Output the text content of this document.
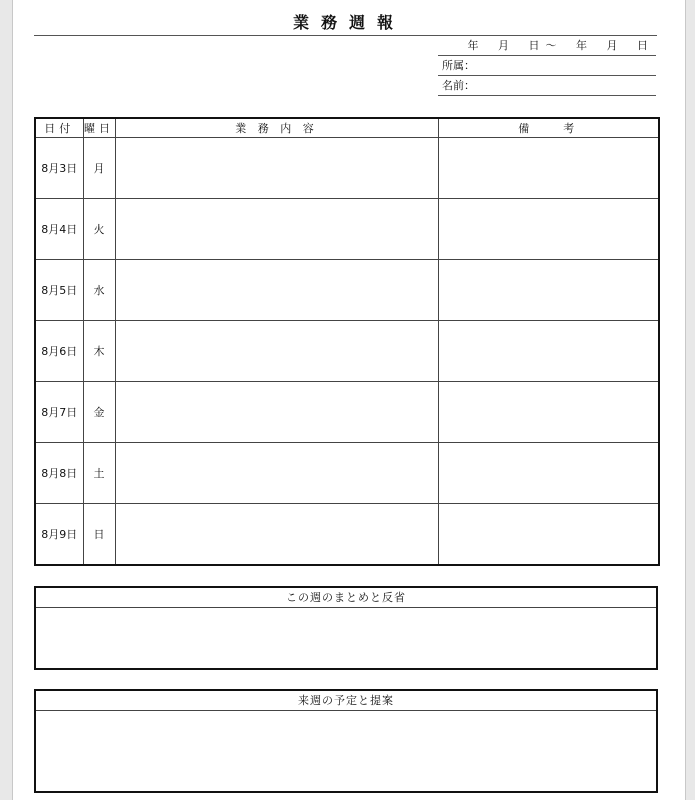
業務週報
年 月 日〜 年 月 日
所属：
名前：
日付	曜日	業 務 内 容	備　　考
8月3日	月		
8月4日	火		
8月5日	水		
8月6日	木		
8月7日	金		
8月8日	土		
8月9日	日		
この週のまとめと反省
来週の予定と提案
